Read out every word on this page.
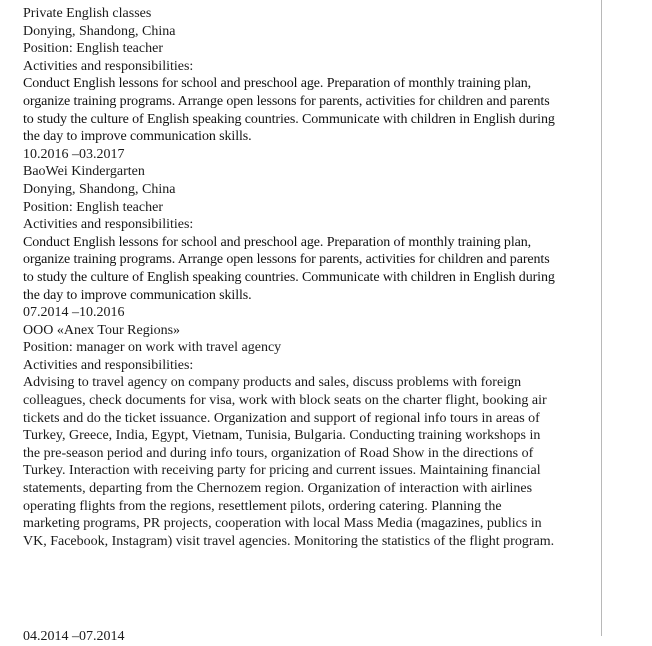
Private English classes
Donying, Shandong, China
Position: English teacher
Activities and responsibilities:

Conduct English lessons for school and preschool age. Preparation of monthly training plan, organize training programs. Arrange open lessons for parents, activities for children and parents to study the culture of English speaking countries. Communicate with children in English during the day to improve communication skills.

10.2016 –03.2017
BaoWei Kindergarten
Donying, Shandong, China
Position: English teacher
Activities and responsibilities:

Conduct English lessons for school and preschool age. Preparation of monthly training plan, organize training programs. Arrange open lessons for parents, activities for children and parents to study the culture of English speaking countries. Communicate with children in English during the day to improve communication skills.

07.2014 –10.2016
OOO «Anex Tour Regions»
Position: manager on work with travel agency
Activities and responsibilities:

Advising to travel agency on company products and sales, discuss problems with foreign colleagues, check documents for visa, work with block seats on the charter flight, booking air tickets and do the ticket issuance. Organization and support of regional info tours in areas of Turkey, Greece, India, Egypt, Vietnam, Tunisia, Bulgaria. Conducting training workshops in the pre-season period and during info tours, organization of Road Show in the directions of Turkey. Interaction with receiving party for pricing and current issues. Maintaining financial statements, departing from the Chernozem region. Organization of interaction with airlines operating flights from the regions, resettlement pilots, ordering catering. Planning the marketing programs, PR projects, cooperation with local Mass Media (magazines, publics in VK, Facebook, Instagram) visit travel agencies. Monitoring the statistics of the flight program.

04.2014 –07.2014
